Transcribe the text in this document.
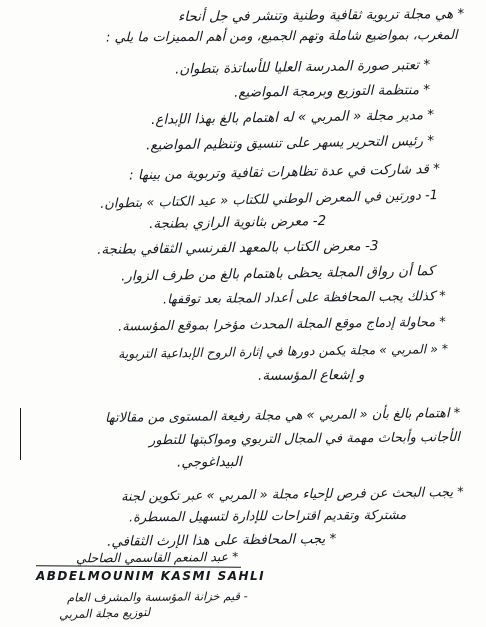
* هي مجلة تربوية ثقافية وطنية وتنشر في جل أنحاء
المغرب، بمواضيع شاملة وتهم الجميع، ومن أهم المميزات ما يلي :
* تعتبر صورة المدرسة العليا للأساتذة بتطوان.
* منتظمة التوزيع وبرمجة المواضيع.
* مدير مجلة « المربي » له اهتمام بالغ بهذا الإبداع.
* رئيس التحرير يسهر على تنسيق وتنظيم المواضيع.
* قد شاركت في عدة تظاهرات ثقافية وتربوية من بينها :
1- دورتين في المعرض الوطني للكتاب « عيد الكتاب » بتطوان.
2- معرض بثانوية الرازي بطنجة.
3- معرض الكتاب بالمعهد الفرنسي الثقافي بطنجة.
كما أن رواق المجلة يحظى باهتمام بالغ من طرف الزوار.
* كذلك يجب المحافظة على أعداد المجلة بعد توقفها.
* محاولة إدماج موقع المجلة المحدث مؤخرا بموقع المؤسسة.
* « المربي » مجلة يكمن دورها في إثارة الروح الإبداعية التربوية
و إشعاع المؤسسة.
* اهتمام بالغ بأن « المربي » هي مجلة رفيعة المستوى من مقالاتها
الأجانب وأبحاث مهمة في المجال التربوي ومواكبتها للتطور
البيداغوجي.
* يجب البحث عن فرص لإحياء مجلة « المربي » عبر تكوين لجنة
مشتركة وتقديم اقتراحات للإدارة لتسهيل المسطرة.
* يجب المحافظة على هذا الإرث الثقافي.
* عبد المنعم القاسمي الصاحلي
ABDELMOUNIM KASMI SAHLI
- قيم خزانة المؤسسة والمشرف العام
لتوزيع مجلة المربي
